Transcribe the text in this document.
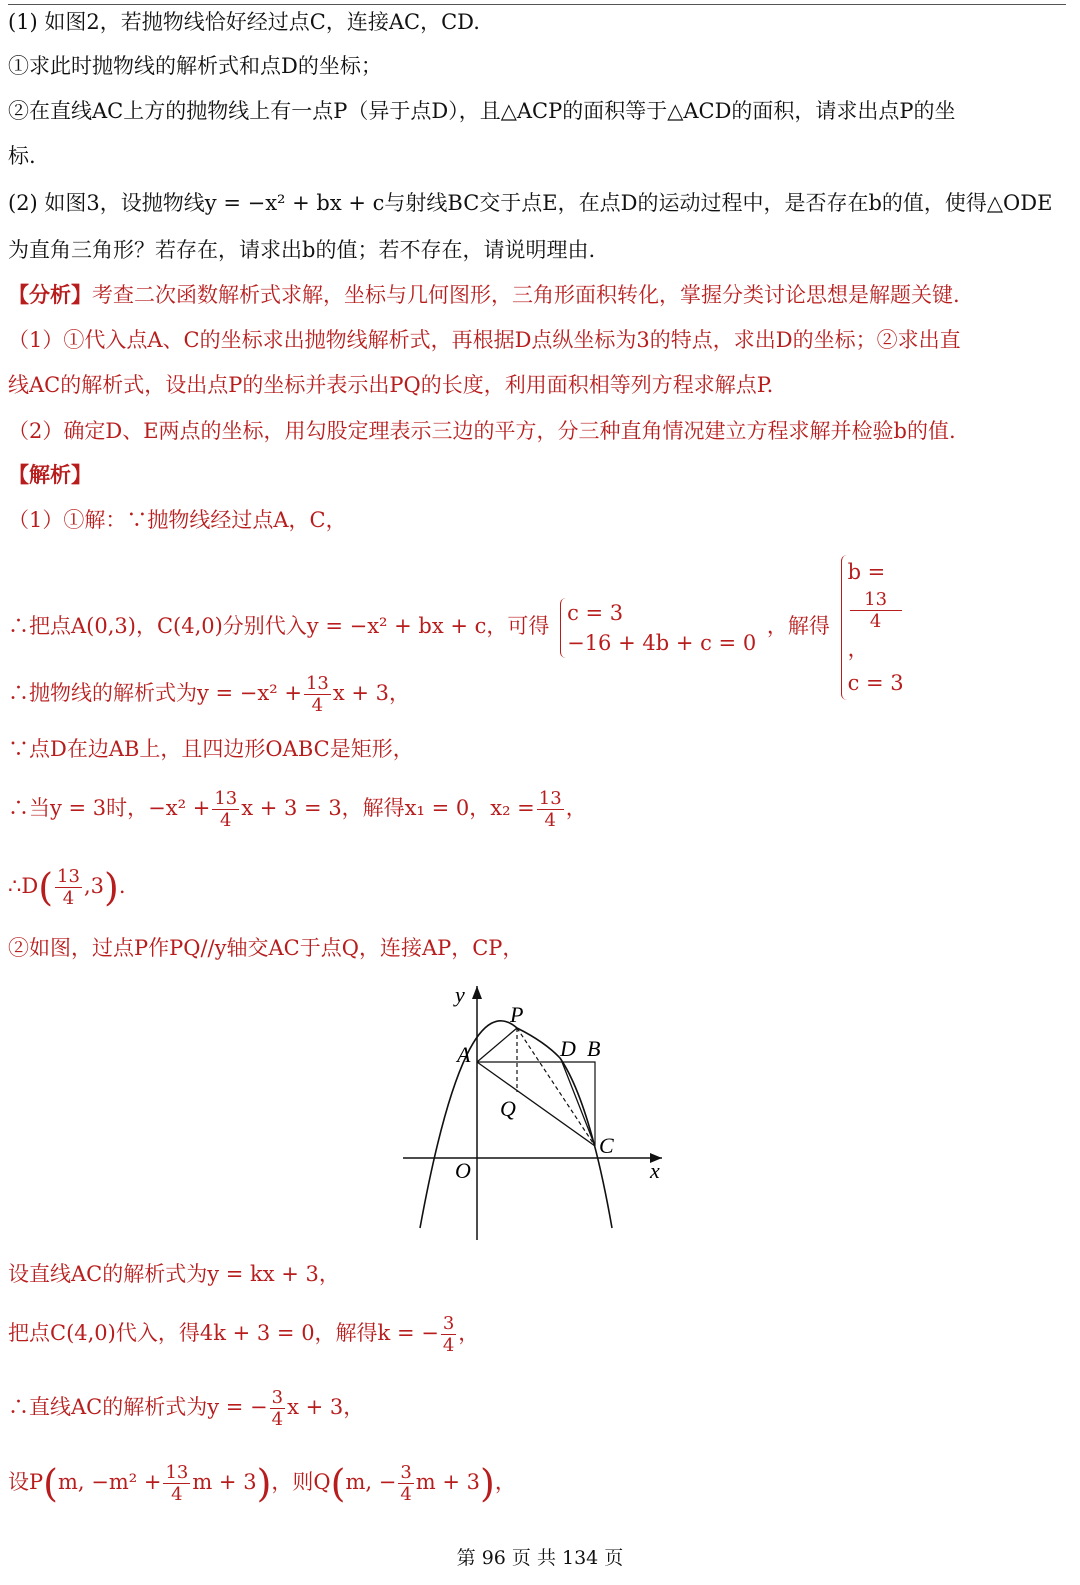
(1) 如图2，若抛物线恰好经过点C，连接AC，CD.
①求此时抛物线的解析式和点D的坐标；
②在直线AC上方的抛物线上有一点P（异于点D），且△ACP的面积等于△ACD的面积，请求出点P的坐
标.
(2) 如图3，设抛物线y = −x² + bx + c与射线BC交于点E，在点D的运动过程中，是否存在b的值，使得△ODE
为直角三角形？若存在，请求出b的值；若不存在，请说明理由.
【分析】考查二次函数解析式求解，坐标与几何图形，三角形面积转化，掌握分类讨论思想是解题关键.
（1）①代入点A、C的坐标求出抛物线解析式，再根据D点纵坐标为3的特点，求出D的坐标；②求出直
线AC的解析式，设出点P的坐标并表示出PQ的长度，利用面积相等列方程求解点P.
（2）确定D、E两点的坐标，用勾股定理表示三边的平方，分三种直角情况建立方程求解并检验b的值.
【解析】
（1）①解：∵抛物线经过点A，C，
∴把点A(0,3)，C(4,0)分别代入y = −x² + bx + c，可得
c = 3
−16 + 4b + c = 0
，解得
b =
13
4
，
c = 3
∴抛物线的解析式为$y = -x^2 + \frac{13}{4}$ x + 3，
∵点D在边AB上，且四边形OABC是矩形，
∴当y = 3时，$-x^2 + \frac{13}{4}$ x + 3 = 3，解得x₁ = 0，$x_2 = \frac{13}{4}$ ，
∴D( $\frac{13}{4} ,3$).
②如图，过点P作PQ//y轴交AC于点Q，连接AP，CP，
y
x
P
A	D B
Q
C
O
设直线AC的解析式为y = kx + 3，
把点C(4,0)代入，得4k + 3 = 0，解得k = − $\frac{3}{4}$ ，
∴直线AC的解析式为y = − $\frac{3}{4}$ x + 3，
设P(m, $-m^2 + \frac{13}{4}$ m + 3)，则Q(m, − $\frac{3}{4}$ m + 3)，
第 96 页 共 134 页
